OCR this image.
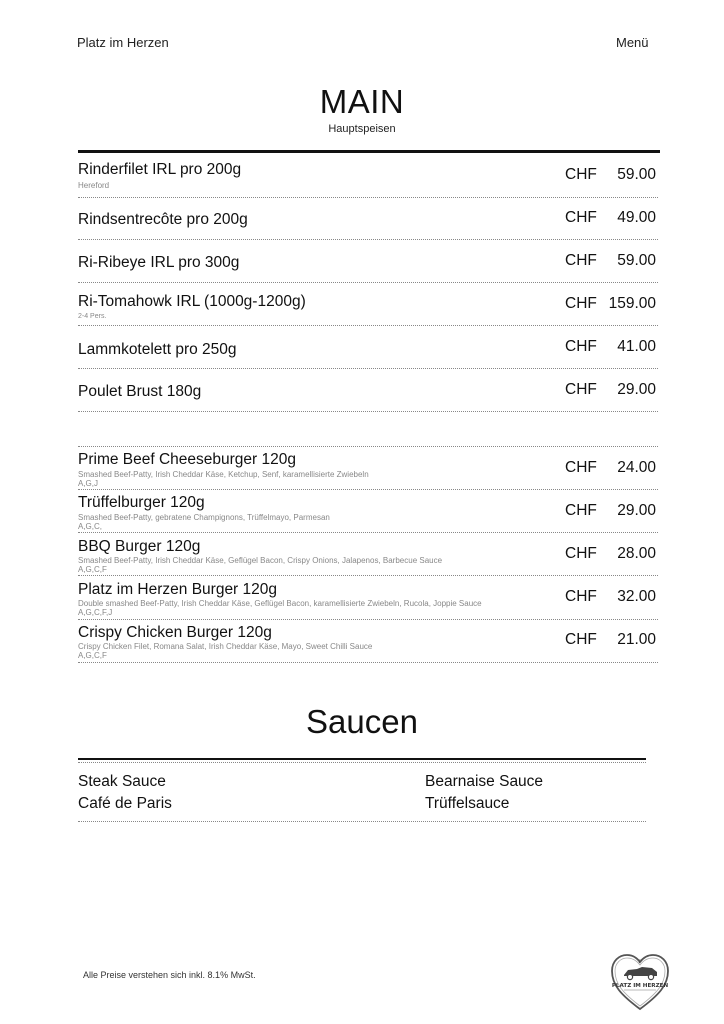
Platz im Herzen	Menü
MAIN
Hauptspeisen
Rinderfilet IRL pro 200g
Hereford
CHF 59.00
Rindsentrecôte pro 200g	CHF 49.00
Ri-Ribeye IRL pro 300g	CHF 59.00
Ri-Tomahowk IRL (1000g-1200g)
2-4 Pers.
CHF 159.00
Lammkotelett pro 250g	CHF 41.00
Poulet Brust 180g	CHF 29.00
Prime Beef Cheeseburger 120g
Smashed Beef-Patty, Irish Cheddar Käse, Ketchup, Senf, karamellisierte Zwiebeln
A,G,J
CHF 24.00
Trüffelburger 120g
Smashed Beef-Patty, gebratene Champignons, Trüffelmayo, Parmesan
A,G,C,
CHF 29.00
BBQ Burger 120g
Smashed Beef-Patty, Irish Cheddar Käse, Geflügel Bacon, Crispy Onions, Jalapenos, Barbecue Sauce
A,G,C,F
CHF 28.00
Platz im Herzen Burger 120g
Double smashed Beef-Patty, Irish Cheddar Käse, Geflügel Bacon, karamellisierte Zwiebeln, Rucola, Joppie Sauce
A,G,C,F,J
CHF 32.00
Crispy Chicken Burger 120g
Crispy Chicken Filet, Romana Salat, Irish Cheddar Käse, Mayo, Sweet Chilli Sauce
A,G,C,F
CHF 21.00
Saucen
Steak Sauce	Bearnaise Sauce
Café de Paris	Trüffelsauce
Alle Preise verstehen sich inkl. 8.1% MwSt.
P
PLATZ IM HERZEN
